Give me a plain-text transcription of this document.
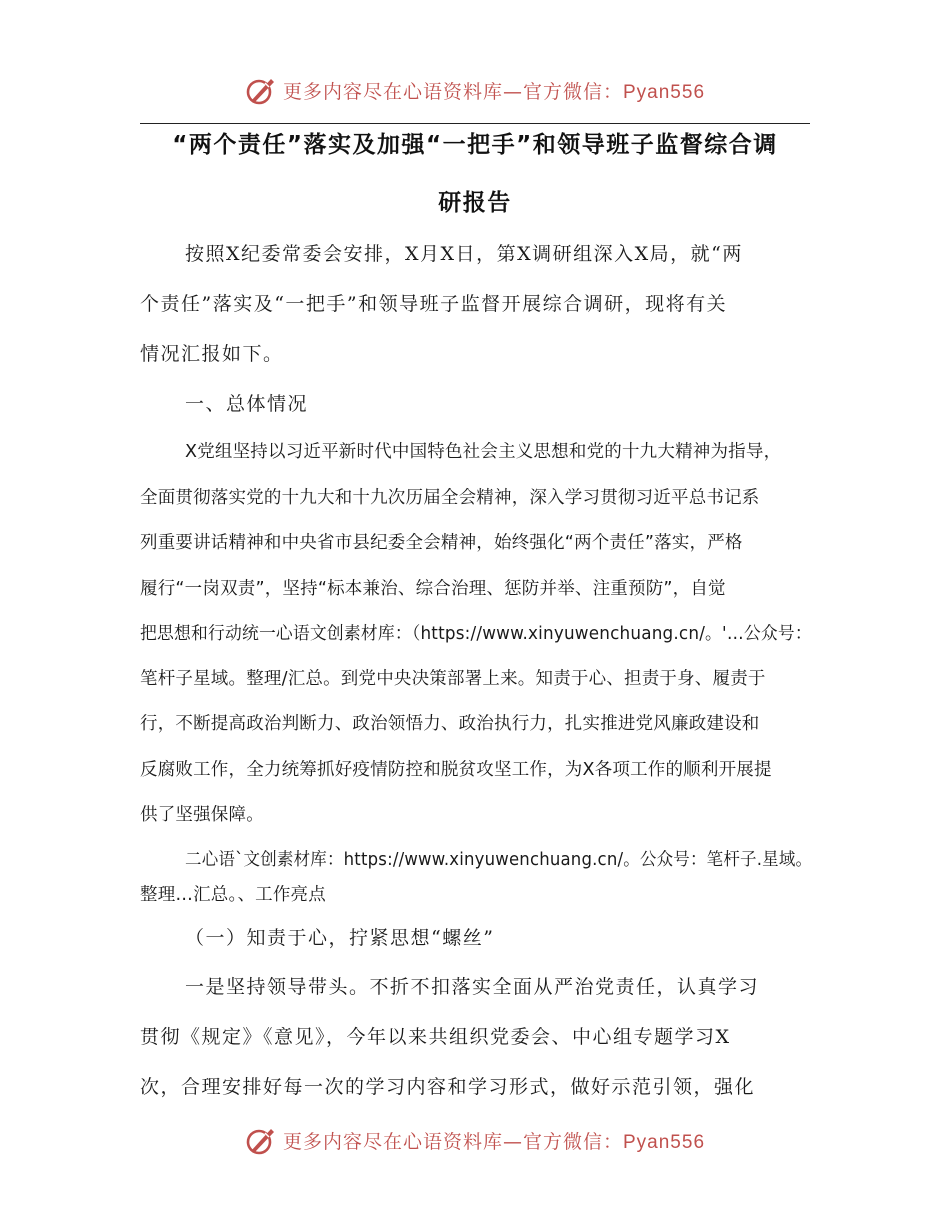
更多内容尽在心语资料库—官方微信：Pyan556
“两个责任”落实及加强“一把手”和领导班子监督综合调
研报告
按照X纪委常委会安排，X月X日，第X调研组深入X局，就“两
个责任”落实及“一把手”和领导班子监督开展综合调研，现将有关
情况汇报如下。
一、总体情况
X党组坚持以习近平新时代中国特色社会主义思想和党的十九大精神为指导，
全面贯彻落实党的十九大和十九次历届全会精神，深入学习贯彻习近平总书记系
列重要讲话精神和中央省市县纪委全会精神，始终强化“两个责任”落实，严格
履行“一岗双责”，坚持“标本兼治、综合治理、惩防并举、注重预防”，自觉
把思想和行动统一心语文创素材库：（https://www.xinyuwenchuang.cn/。'…公众号：
笔杆子星域。整理/汇总。到党中央决策部署上来。知责于心、担责于身、履责于
行，不断提高政治判断力、政治领悟力、政治执行力，扎实推进党风廉政建设和
反腐败工作，全力统筹抓好疫情防控和脱贫攻坚工作，为X各项工作的顺利开展提
供了坚强保障。
二心语`文创素材库：https://www.xinyuwenchuang.cn/。公众号：笔杆子.星域。
整理…汇总。、工作亮点
（一）知责于心，拧紧思想“螺丝”
一是坚持领导带头。不折不扣落实全面从严治党责任，认真学习
贯彻《规定》《意见》，今年以来共组织党委会、中心组专题学习X
次，合理安排好每一次的学习内容和学习形式，做好示范引领，强化
更多内容尽在心语资料库—官方微信：Pyan556
